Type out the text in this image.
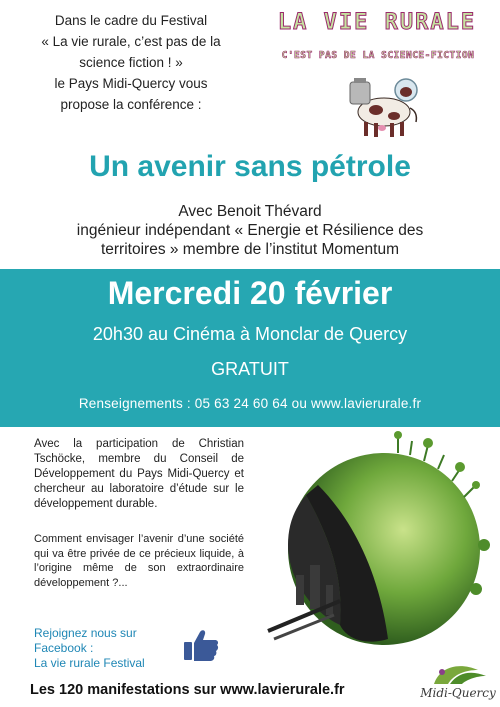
Dans le cadre du Festival
« La vie rurale, c’est pas de la
science fiction ! »
le Pays Midi-Quercy vous
propose la conférence :
LA VIE RURALE
C'EST PAS DE LA SCIENCE-FICTION
Un avenir sans pétrole
Avec Benoit Thévard
ingénieur indépendant « Energie et Résilience des
territoires » membre de l’institut Momentum
Mercredi 20 février
20h30 au Cinéma à Monclar de Quercy
GRATUIT
Renseignements : 05 63 24 60 64 ou www.lavierurale.fr
Avec la participation de Christian Tschöcke, membre du Conseil de Développement du Pays Midi-Quercy et chercheur au laboratoire d’étude sur le développement durable.
Comment envisager l’avenir d’une société qui va être privée de ce précieux liquide, à l’origine même de son extraordinaire développement ?...
Rejoignez nous sur
Facebook :
La vie rurale Festival
Les 120 manifestations sur www.lavierurale.fr	Midi-Quercy
